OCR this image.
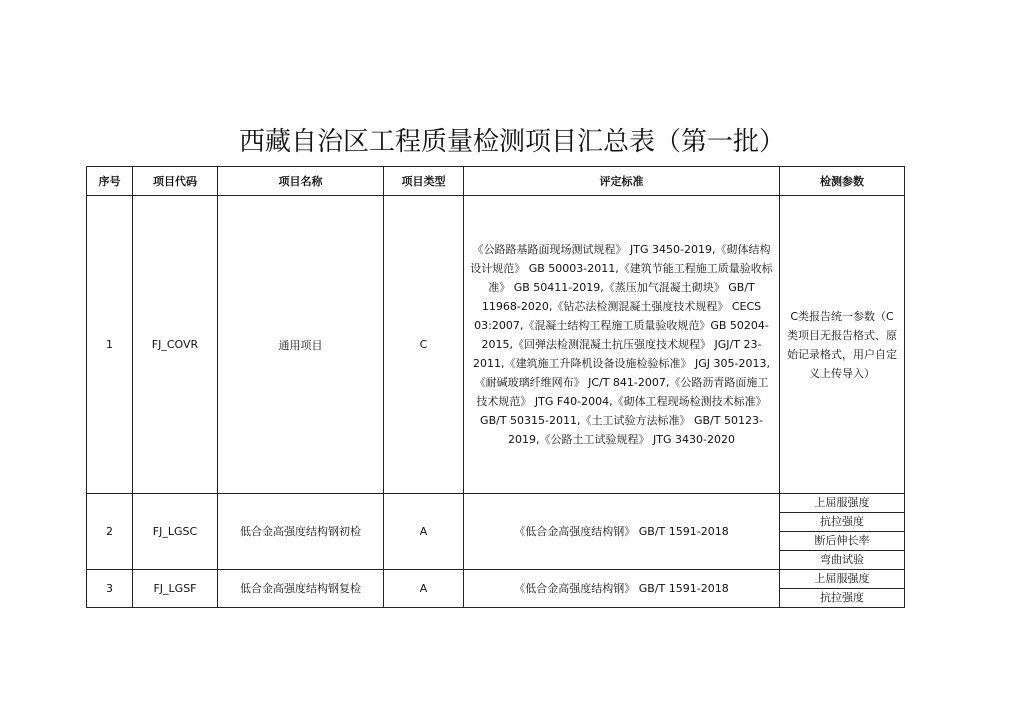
西藏自治区工程质量检测项目汇总表（第一批）
序号	项目代码	项目名称	项目类型	评定标准	检测参数
1	FJ_COVR	通用项目	C	《公路路基路面现场测试规程》 JTG 3450-2019,《砌体结构设计规范》 GB 50003-2011,《建筑节能工程施工质量验收标准》 GB 50411-2019,《蒸压加气混凝土砌块》 GB/T 11968-2020,《钻芯法检测混凝土强度技术规程》 CECS 03:2007,《混凝土结构工程施工质量验收规范》GB 50204-2015,《回弹法检测混凝土抗压强度技术规程》 JGJ/T 23-2011,《建筑施工升降机设备设施检验标准》 JGJ 305-2013,《耐碱玻璃纤维网布》 JC/T 841-2007,《公路沥青路面施工技术规范》 JTG F40-2004,《砌体工程现场检测技术标准》 GB/T 50315-2011,《土工试验方法标准》 GB/T 50123-2019,《公路土工试验规程》 JTG 3430-2020	C类报告统一参数（C类项目无报告格式、原始记录格式，用户自定义上传导入）

2	FJ_LGSC	低合金高强度结构钢初检	A	《低合金高强度结构钢》 GB/T 1591-2018	上屈服强度
					抗拉强度
					断后伸长率
					弯曲试验
3	FJ_LGSF	低合金高强度结构钢复检	A	《低合金高强度结构钢》 GB/T 1591-2018	上屈服强度
					抗拉强度
